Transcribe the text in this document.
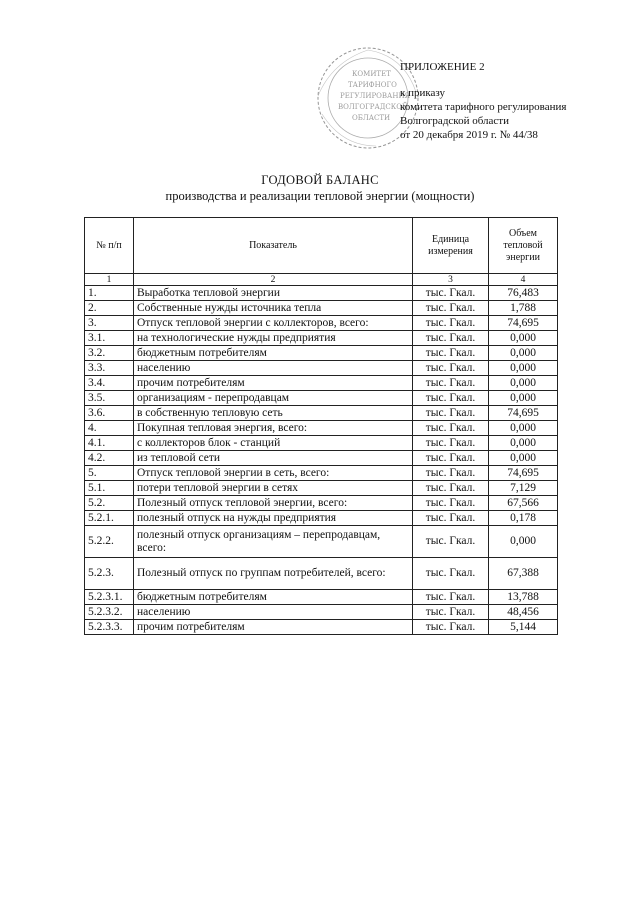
КОМИТЕТ
ТАРИФНОГО
РЕГУЛИРОВАНИЯ
ВОЛГОГРАДСКОЙ
ОБЛАСТИ
ПРИЛОЖЕНИЕ 2
к приказу
комитета тарифного регулирования
Волгоградской области
от 20 декабря 2019 г. № 44/38
ГОДОВОЙ БАЛАНС
производства и реализации тепловой энергии (мощности)
№ п/п	Показатель	Единица измерения	Объем тепловой энергии
1	2	3	4
1.	Выработка тепловой энергии	тыс. Гкал.	76,483
2.	Собственные нужды источника тепла	тыс. Гкал.	1,788
3.	Отпуск тепловой энергии с коллекторов, всего:	тыс. Гкал.	74,695
3.1.	на технологические нужды предприятия	тыс. Гкал.	0,000
3.2.	бюджетным потребителям	тыс. Гкал.	0,000
3.3.	населению	тыс. Гкал.	0,000
3.4.	прочим потребителям	тыс. Гкал.	0,000
3.5.	организациям - перепродавцам	тыс. Гкал.	0,000
3.6.	в собственную тепловую сеть	тыс. Гкал.	74,695
4.	Покупная тепловая энергия, всего:	тыс. Гкал.	0,000
4.1.	с коллекторов блок - станций	тыс. Гкал.	0,000
4.2.	из тепловой сети	тыс. Гкал.	0,000
5.	Отпуск тепловой энергии в сеть, всего:	тыс. Гкал.	74,695
5.1.	потери тепловой энергии в сетях	тыс. Гкал.	7,129
5.2.	Полезный отпуск тепловой энергии, всего:	тыс. Гкал.	67,566
5.2.1.	полезный отпуск на нужды предприятия	тыс. Гкал.	0,178
5.2.2.	полезный отпуск организациям – перепродавцам, всего:	тыс. Гкал.	0,000
5.2.3.	Полезный отпуск по группам потребителей, всего:	тыс. Гкал.	67,388
5.2.3.1.	бюджетным потребителям	тыс. Гкал.	13,788
5.2.3.2.	населению	тыс. Гкал.	48,456
5.2.3.3.	прочим потребителям	тыс. Гкал.	5,144
